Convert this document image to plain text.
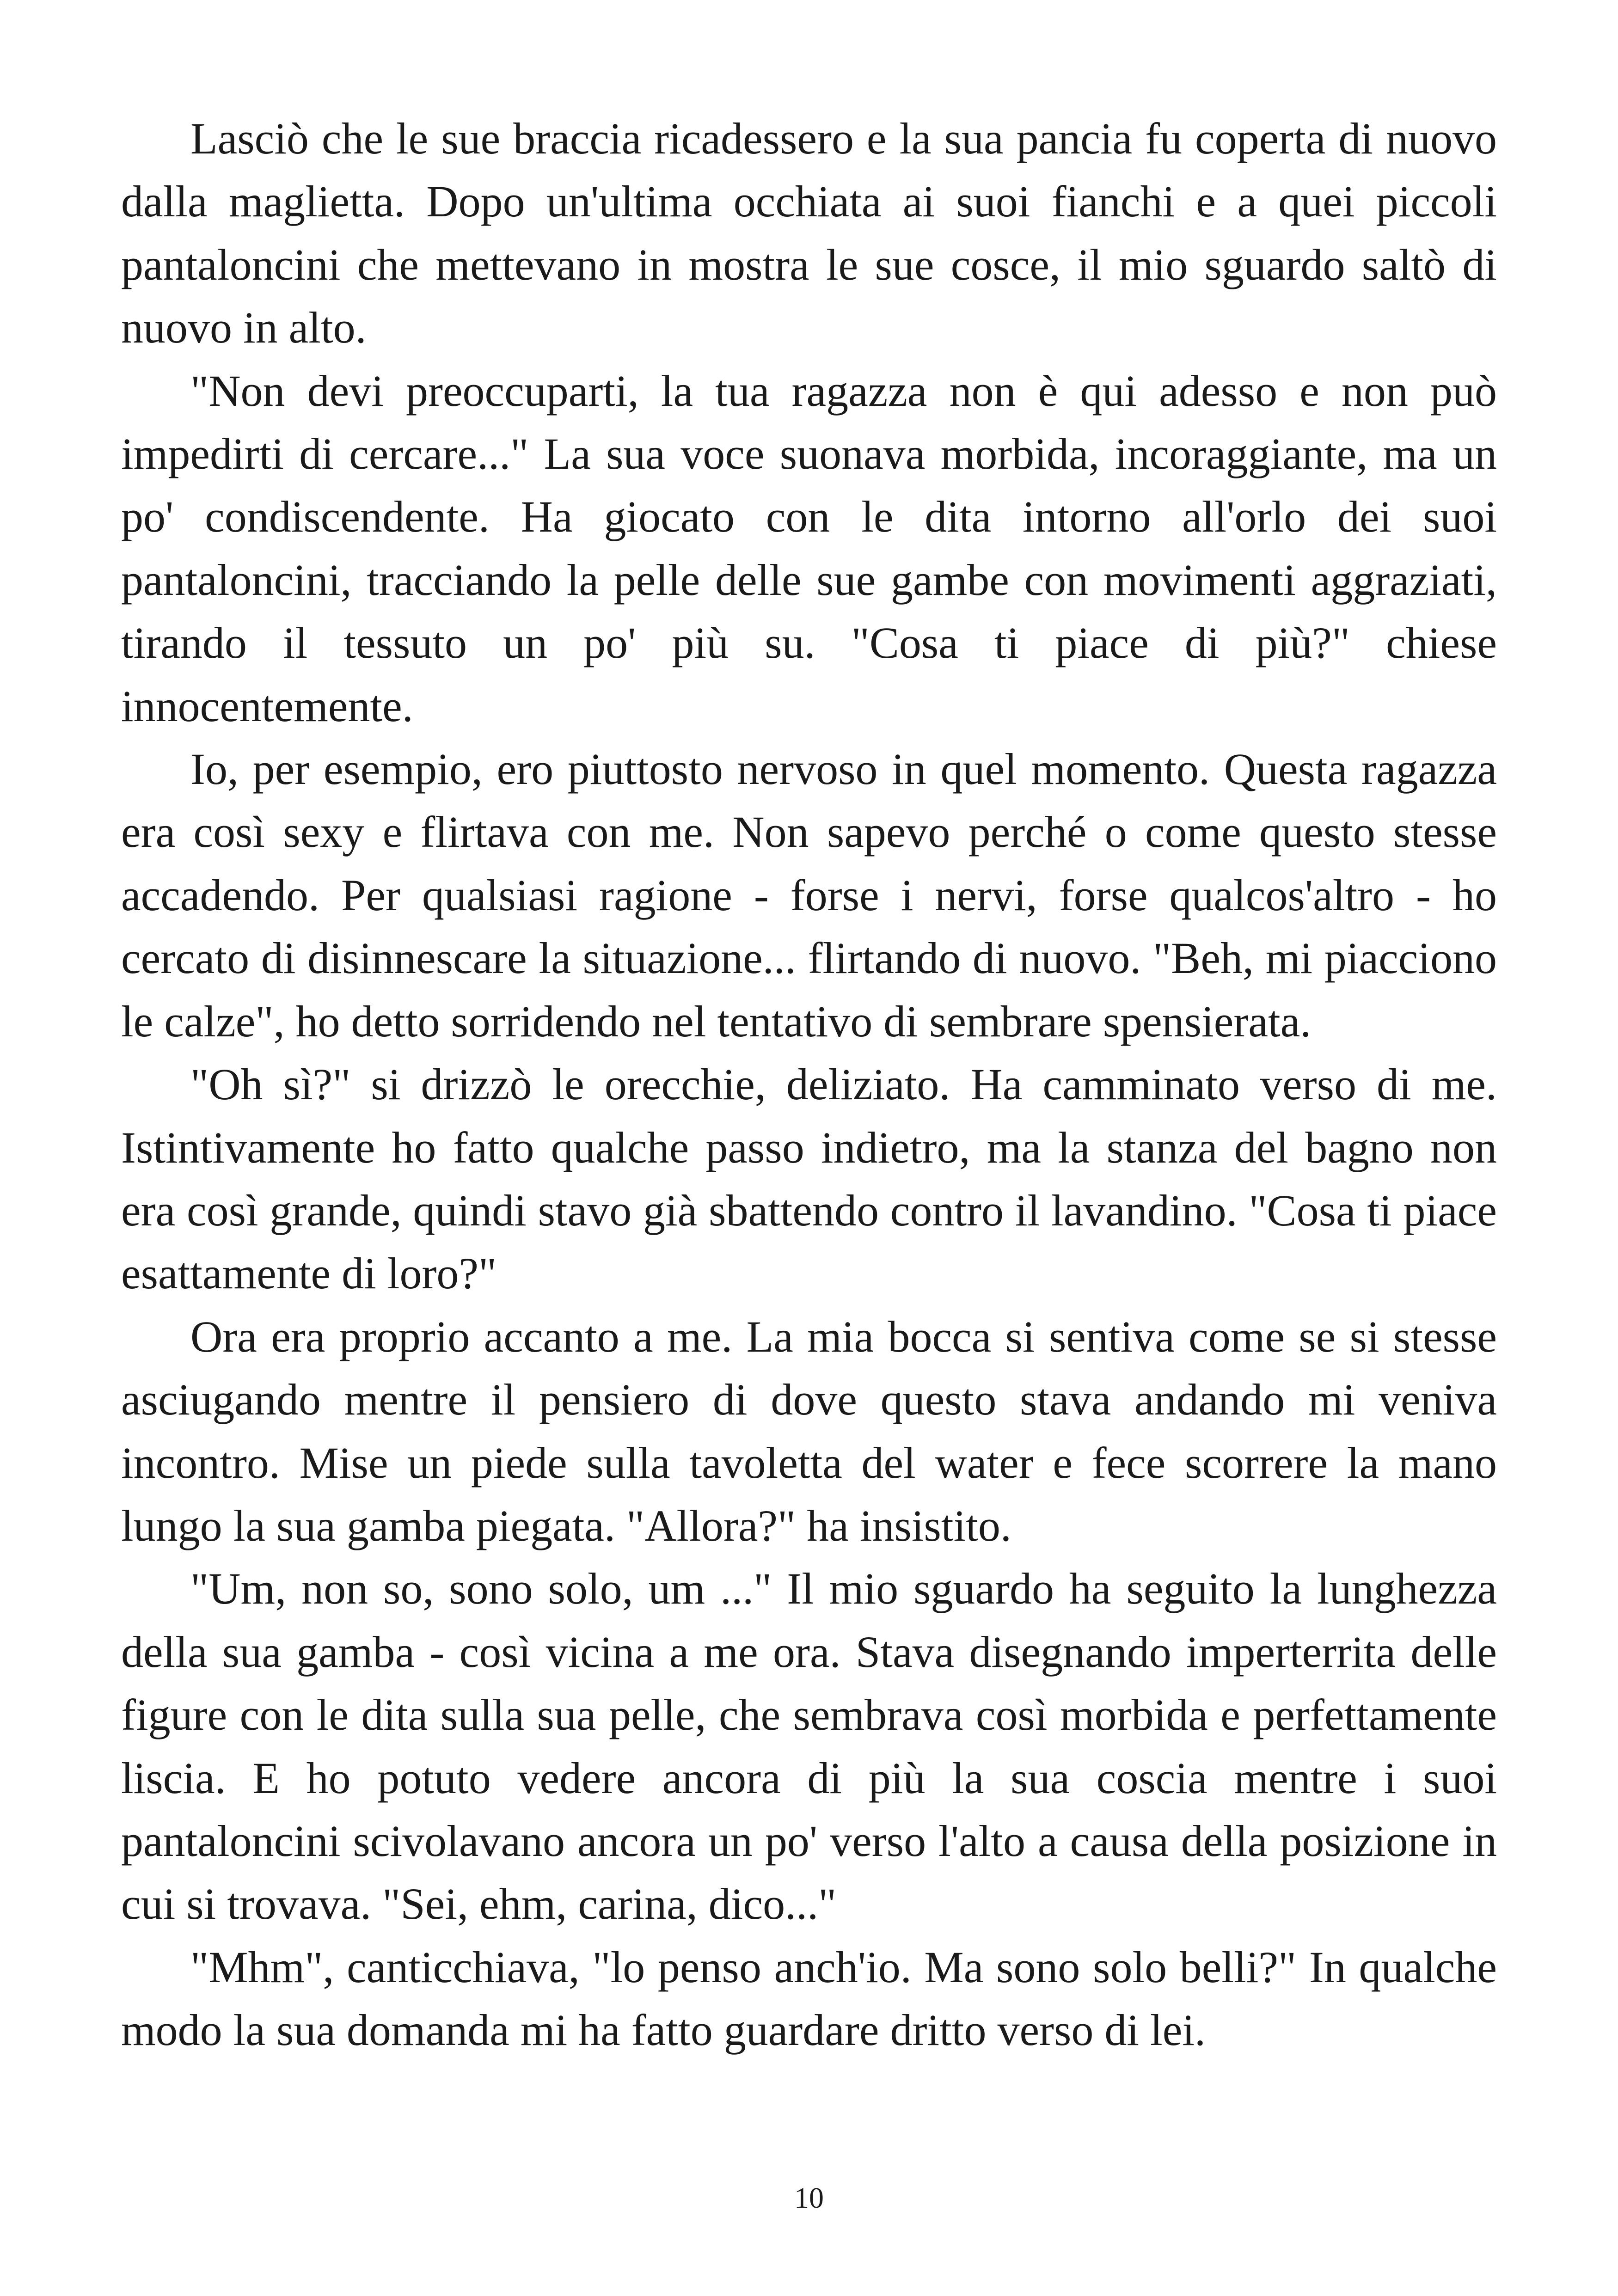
Lasciò che le sue braccia ricadessero e la sua pancia fu coperta di nuovo dalla maglietta. Dopo un'ultima occhiata ai suoi fianchi e a quei piccoli pantaloncini che mettevano in mostra le sue cosce, il mio sguardo saltò di nuovo in alto.

"Non devi preoccuparti, la tua ragazza non è qui adesso e non può impedirti di cercare..." La sua voce suonava morbida, incoraggiante, ma un po' condiscendente. Ha giocato con le dita intorno all'orlo dei suoi pantaloncini, tracciando la pelle delle sue gambe con movimenti aggraziati, tirando il tessuto un po' più su. "Cosa ti piace di più?" chiese innocentemente.

Io, per esempio, ero piuttosto nervoso in quel momento. Questa ragazza era così sexy e flirtava con me. Non sapevo perché o come questo stesse accadendo. Per qualsiasi ragione - forse i nervi, forse qualcos'altro - ho cercato di disinnescare la situazione... flirtando di nuovo. "Beh, mi piacciono le calze", ho detto sorridendo nel tentativo di sembrare spensierata.

"Oh sì?" si drizzò le orecchie, deliziato. Ha camminato verso di me. Istintivamente ho fatto qualche passo indietro, ma la stanza del bagno non era così grande, quindi stavo già sbattendo contro il lavandino. "Cosa ti piace esattamente di loro?"

Ora era proprio accanto a me. La mia bocca si sentiva come se si stesse asciugando mentre il pensiero di dove questo stava andando mi veniva incontro. Mise un piede sulla tavoletta del water e fece scorrere la mano lungo la sua gamba piegata. "Allora?" ha insistito.

"Um, non so, sono solo, um ..." Il mio sguardo ha seguito la lunghezza della sua gamba - così vicina a me ora. Stava disegnando imperterrita delle figure con le dita sulla sua pelle, che sembrava così morbida e perfettamente liscia. E ho potuto vedere ancora di più la sua coscia mentre i suoi pantaloncini scivolavano ancora un po' verso l'alto a causa della posizione in cui si trovava. "Sei, ehm, carina, dico..."

"Mhm", canticchiava, "lo penso anch'io. Ma sono solo belli?" In qualche modo la sua domanda mi ha fatto guardare dritto verso di lei.

10
